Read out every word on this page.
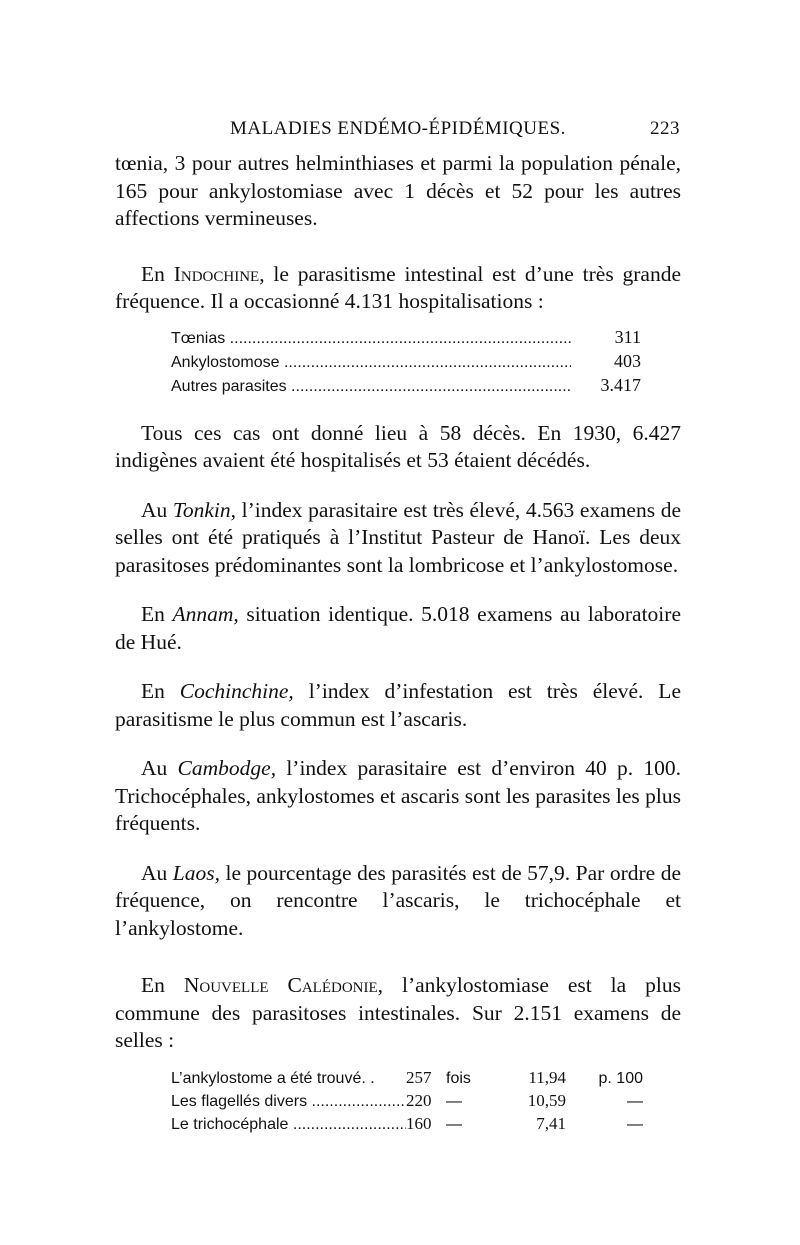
MALADIES ENDÉMO-ÉPIDÉMIQUES.	223

tœnia, 3 pour autres helminthiases et parmi la population pénale, 165 pour ankylostomiase avec 1 décès et 52 pour les autres affections vermineuses.

En Indochine, le parasitisme intestinal est d’une très grande fréquence. Il a occasionné 4.131 hospitalisations :

Tœnias .....	311
Ankylostomose .....	403
Autres parasites .....	3.417

Tous ces cas ont donné lieu à 58 décès. En 1930, 6.427 indigènes avaient été hospitalisés et 53 étaient décédés.

Au Tonkin, l’index parasitaire est très élevé, 4.563 examens de selles ont été pratiqués à l’Institut Pasteur de Hanoï. Les deux parasitoses prédominantes sont la lombricose et l’ankylostomose.

En Annam, situation identique. 5.018 examens au laboratoire de Hué.

En Cochinchine, l’index d’infestation est très élevé. Le parasitisme le plus commun est l’ascaris.

Au Cambodge, l’index parasitaire est d’environ 40 p. 100. Trichocéphales, ankylostomes et ascaris sont les parasites les plus fréquents.

Au Laos, le pourcentage des parasités est de 57,9. Par ordre de fréquence, on rencontre l’ascaris, le trichocéphale et l’ankylostome.

En Nouvelle Calédonie, l’ankylostomiase est la plus commune des parasitoses intestinales. Sur 2.151 examens de selles :

L’ankylostome a été trouvé. .	257 fois	11,94	p. 100
Les flagellés divers .....	220 —	10,59	—
Le trichocéphale .....	160 —	7,41	—
